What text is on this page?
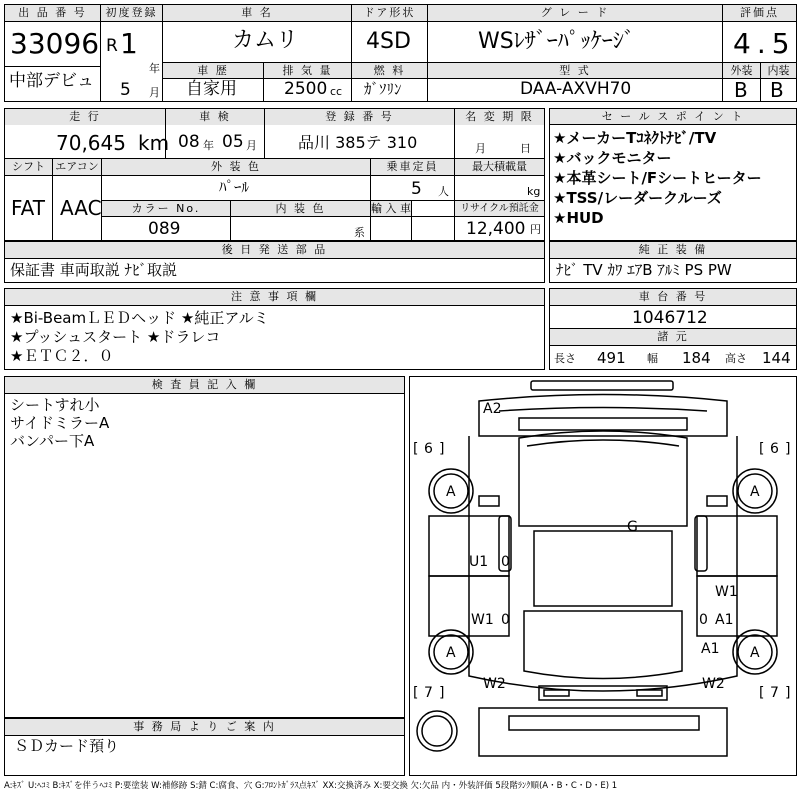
出 品 番 号
33096
中部デビュ
初度登録
R 1
年
5 月
車 名
カムリ
ドア形状
4SD
グ レ ー ド
WSﾚｻﾞｰﾊﾟｯｹｰｼﾞ
評価点
4.5
車 歴
自家用
排 気 量
2500 cc
燃 料
ｶﾞｿﾘﾝ
型 式
DAA-AXVH70
外装	内装
B B
走 行
70,645 km
車 検
08 年 05 月
登 録 番 号
品川 385テ 310
名 変 期 限
月	日
シフト
FAT
エアコン
AAC
外 装 色
ﾊﾟｰﾙ
カラー No.
089
内 装 色
系
乗車定員
5 人
輸 入 車
最大積載量
kg
リサイクル預託金
12,400 円
セ ー ル ス ポ イ ン ト
★メーカーTｺﾈｸﾄﾅﾋﾞ/TV
★バックモニター
★本革シート/Fシートヒーター
★TSS/レーダークルーズ
★HUD
後 日 発 送 部 品
保証書 車両取説 ﾅﾋﾞ取説
純 正 装 備
ﾅﾋﾞ TV ｶﾜ ｴｱB ｱﾙﾐ PS PW
注 意 事 項 欄
★Bi-BeamＬＥＤヘッド ★純正アルミ
★プッシュスタート ★ドラレコ
★ＥＴＣ２．０
車 台 番 号
1046712
諸 元
長さ 491 幅 184 高さ 144
検 査 員 記 入 欄
シートすれ小
サイドミラーA
バンパー下A
事 務 局 よ り ご 案 内
ＳＤカード預り
A2
G
U1 0
W1 0
W1
A1
0
A1
W2	W2
A	A
A	A
[ 6 ]	[ 6 ]
[ 7 ]	[ 7 ]
A:ｷｽﾞ U:ﾍｺﾐ B:ｷｽﾞを伴うﾍｺﾐ P:要塗装 W:補修跡 S:錆 C:腐食、穴 G:ﾌﾛﾝﾄｶﾞﾗｽ点ｷｽﾞ XX:交換済み X:要交換 欠:欠品 内・外装評価 5段階ﾗﾝｸ順(A・B・C・D・E) 1
